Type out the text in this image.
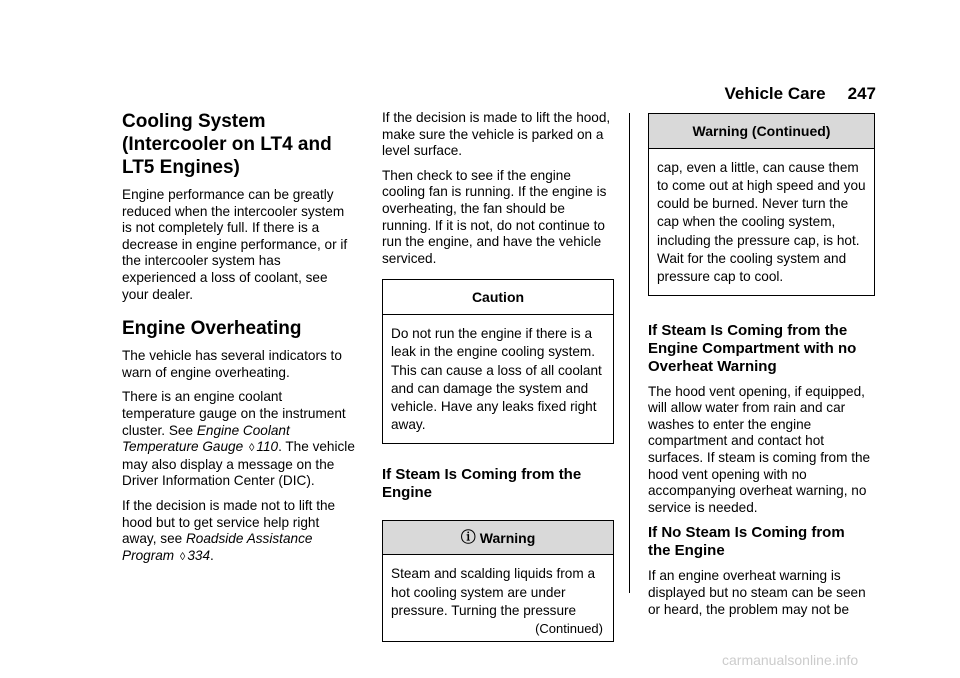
Vehicle Care 247
Cooling System
(Intercooler on LT4 and
LT5 Engines)

Engine performance can be greatly reduced when the intercooler system is not completely full. If there is a decrease in engine performance, or if the intercooler system has experienced a loss of coolant, see your dealer.

Engine Overheating

The vehicle has several indicators to warn of engine overheating.

There is an engine coolant temperature gauge on the instrument cluster. See Engine Coolant Temperature Gauge ◊ 110. The vehicle may also display a message on the Driver Information Center (DIC).

If the decision is made not to lift the hood but to get service help right away, see Roadside Assistance Program ◊ 334.

If the decision is made to lift the hood, make sure the vehicle is parked on a level surface.

Then check to see if the engine cooling fan is running. If the engine is overheating, the fan should be running. If it is not, do not continue to run the engine, and have the vehicle serviced.

Caution
Do not run the engine if there is a leak in the engine cooling system. This can cause a loss of all coolant and can damage the system and vehicle. Have any leaks fixed right away.
If Steam Is Coming from the
Engine
ⓘ Warning
Steam and scalding liquids from a hot cooling system are under pressure. Turning the pressure
(Continued)
Warning (Continued)
cap, even a little, can cause them to come out at high speed and you could be burned. Never turn the cap when the cooling system, including the pressure cap, is hot. Wait for the cooling system and pressure cap to cool.
If Steam Is Coming from the
Engine Compartment with no
Overheat Warning

The hood vent opening, if equipped, will allow water from rain and car washes to enter the engine compartment and contact hot surfaces. If steam is coming from the hood vent opening with no accompanying overheat warning, no service is needed.

If No Steam Is Coming from
the Engine

If an engine overheat warning is displayed but no steam can be seen or heard, the problem may not be

carmanualsonline.info
